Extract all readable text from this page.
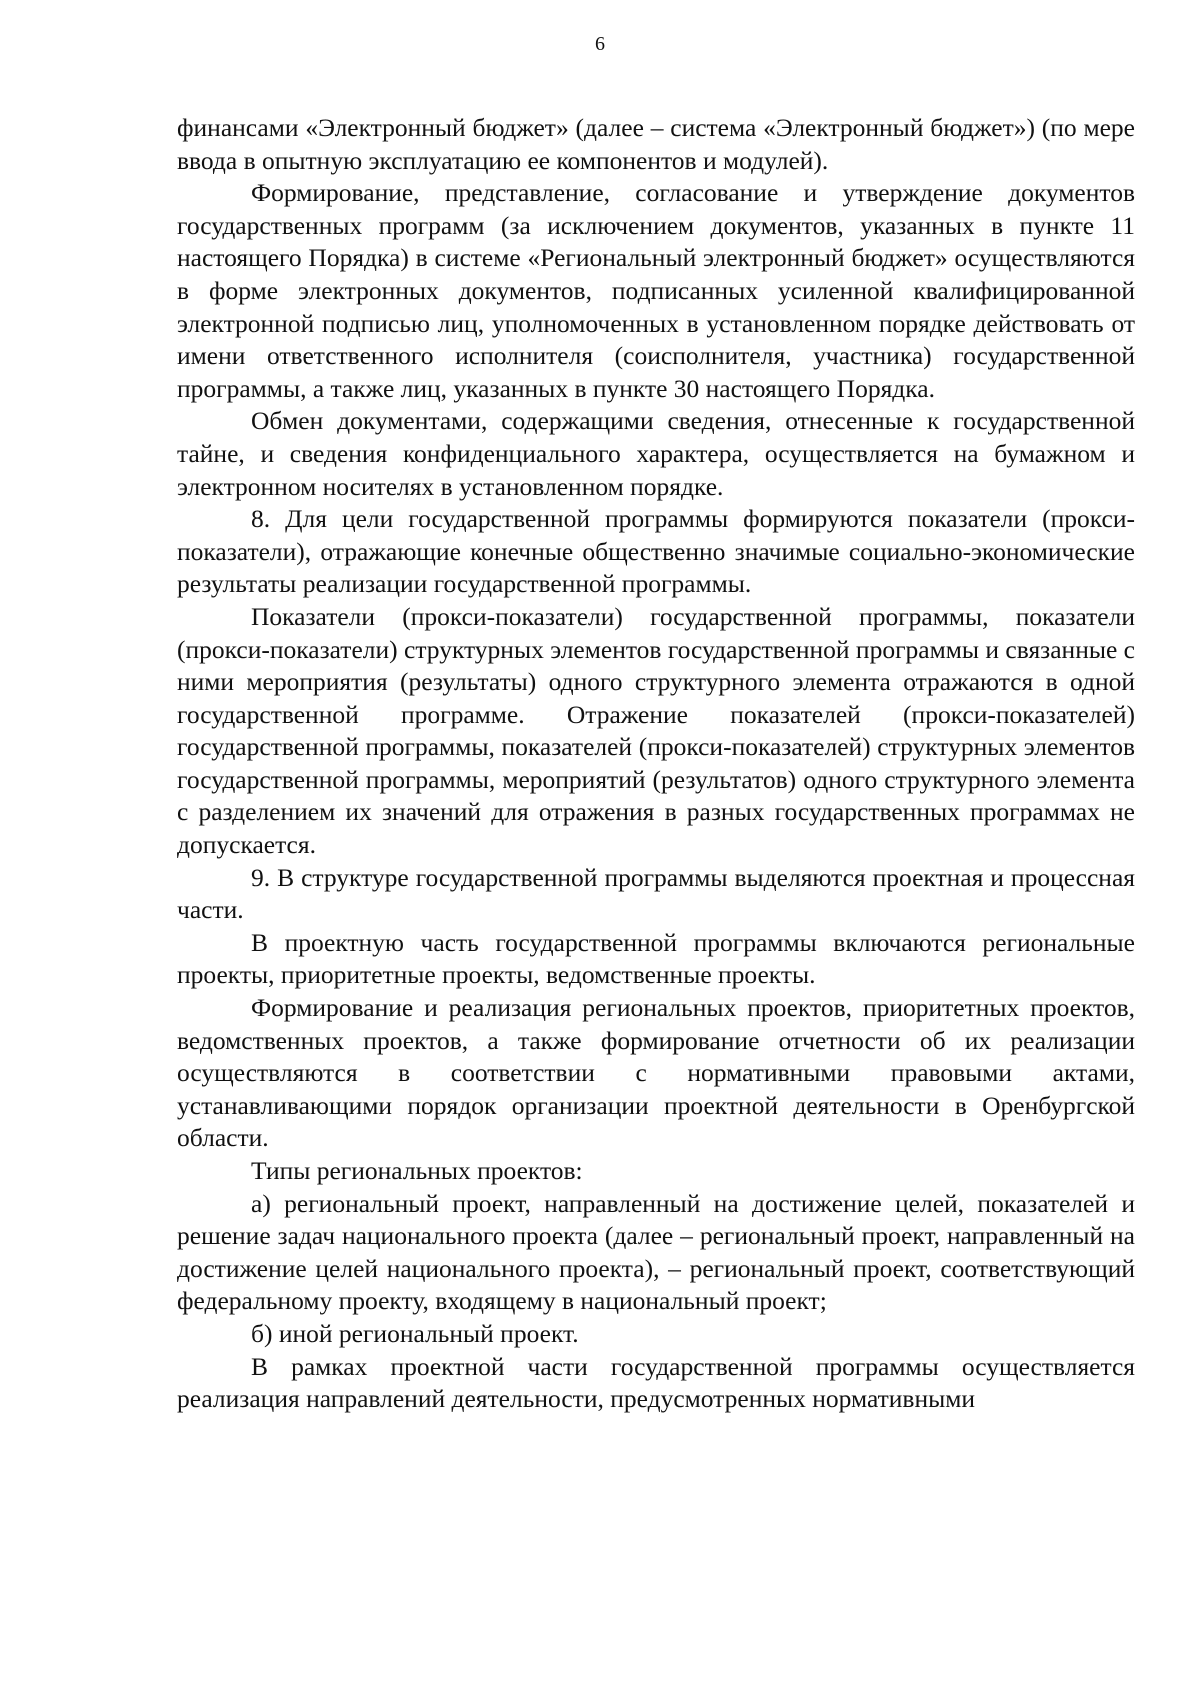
6

финансами «Электронный бюджет» (далее – система «Электронный бюджет») (по мере ввода в опытную эксплуатацию ее компонентов и модулей).

Формирование, представление, согласование и утверждение документов государственных программ (за исключением документов, указанных в пункте 11 настоящего Порядка) в системе «Региональный электронный бюджет» осуществляются в форме электронных документов, подписанных усиленной квалифицированной электронной подписью лиц, уполномоченных в установленном порядке действовать от имени ответственного исполнителя (соисполнителя, участника) государственной программы, а также лиц, указанных в пункте 30 настоящего Порядка.

Обмен документами, содержащими сведения, отнесенные к государственной тайне, и сведения конфиденциального характера, осуществляется на бумажном и электронном носителях в установленном порядке.

8. Для цели государственной программы формируются показатели (прокси-показатели), отражающие конечные общественно значимые социально-экономические результаты реализации государственной программы.

Показатели (прокси-показатели) государственной программы, показатели (прокси-показатели) структурных элементов государственной программы и связанные с ними мероприятия (результаты) одного структурного элемента отражаются в одной государственной программе. Отражение показателей (прокси-показателей) государственной программы, показателей (прокси-показателей) структурных элементов государственной программы, мероприятий (результатов) одного структурного элемента с разделением их значений для отражения в разных государственных программах не допускается.

9. В структуре государственной программы выделяются проектная и процессная части.

В проектную часть государственной программы включаются региональные проекты, приоритетные проекты, ведомственные проекты.

Формирование и реализация региональных проектов, приоритетных проектов, ведомственных проектов, а также формирование отчетности об их реализации осуществляются в соответствии с нормативными правовыми актами, устанавливающими порядок организации проектной деятельности в Оренбургской области.

Типы региональных проектов:

а) региональный проект, направленный на достижение целей, показателей и решение задач национального проекта (далее – региональный проект, направленный на достижение целей национального проекта), – региональный проект, соответствующий федеральному проекту, входящему в национальный проект;

б) иной региональный проект.

В рамках проектной части государственной программы осуществляется реализация направлений деятельности, предусмотренных нормативными
